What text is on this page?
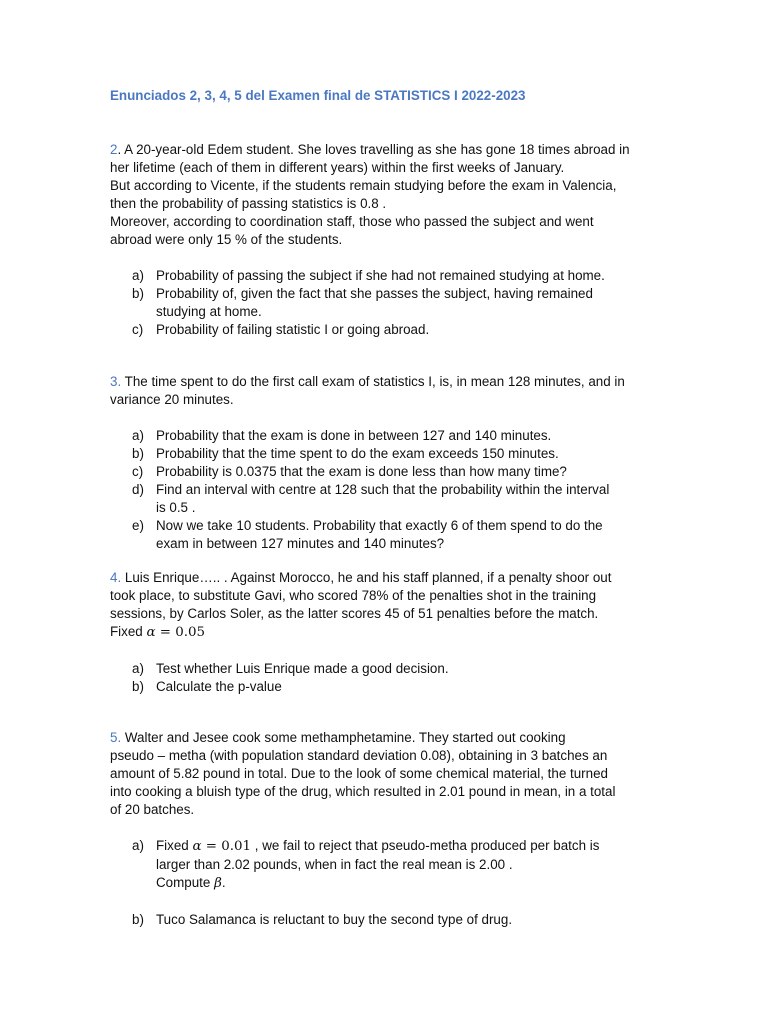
Enunciados 2, 3, 4, 5 del Examen final de STATISTICS I 2022-2023

2. A 20-year-old Edem student. She loves travelling as she has gone 18 times abroad in

her lifetime (each of them in different years) within the first weeks of January.

But according to Vicente, if the students remain studying before the exam in Valencia,

then the probability of passing statistics is 0.8 .

Moreover, according to coordination staff, those who passed the subject and went

abroad were only 15 % of the students.

a) Probability of passing the subject if she had not remained studying at home.
b) Probability of, given the fact that she passes the subject, having remained
studying at home.
c) Probability of failing statistic I or going abroad.

3. The time spent to do the first call exam of statistics I, is, in mean 128 minutes, and in

variance 20 minutes.

a) Probability that the exam is done in between 127 and 140 minutes.
b) Probability that the time spent to do the exam exceeds 150 minutes.
c) Probability is 0.0375 that the exam is done less than how many time?
d) Find an interval with centre at 128 such that the probability within the interval
is 0.5 .
e) Now we take 10 students. Probability that exactly 6 of them spend to do the
exam in between 127 minutes and 140 minutes?

4. Luis Enrique….. . Against Morocco, he and his staff planned, if a penalty shoor out

took place, to substitute Gavi, who scored 78% of the penalties shot in the training

sessions, by Carlos Soler, as the latter scores 45 of 51 penalties before the match.

Fixed α = 0.05

a) Test whether Luis Enrique made a good decision.
b) Calculate the p-value

5. Walter and Jesee cook some methamphetamine. They started out cooking

pseudo – metha (with population standard deviation 0.08), obtaining in 3 batches an

amount of 5.82 pound in total. Due to the look of some chemical material, the turned

into cooking a bluish type of the drug, which resulted in 2.01 pound in mean, in a total

of 20 batches.

a) Fixed α = 0.01 , we fail to reject that pseudo-metha produced per batch is
larger than 2.02 pounds, when in fact the real mean is 2.00 .
Compute β.
b) Tuco Salamanca is reluctant to buy the second type of drug.
